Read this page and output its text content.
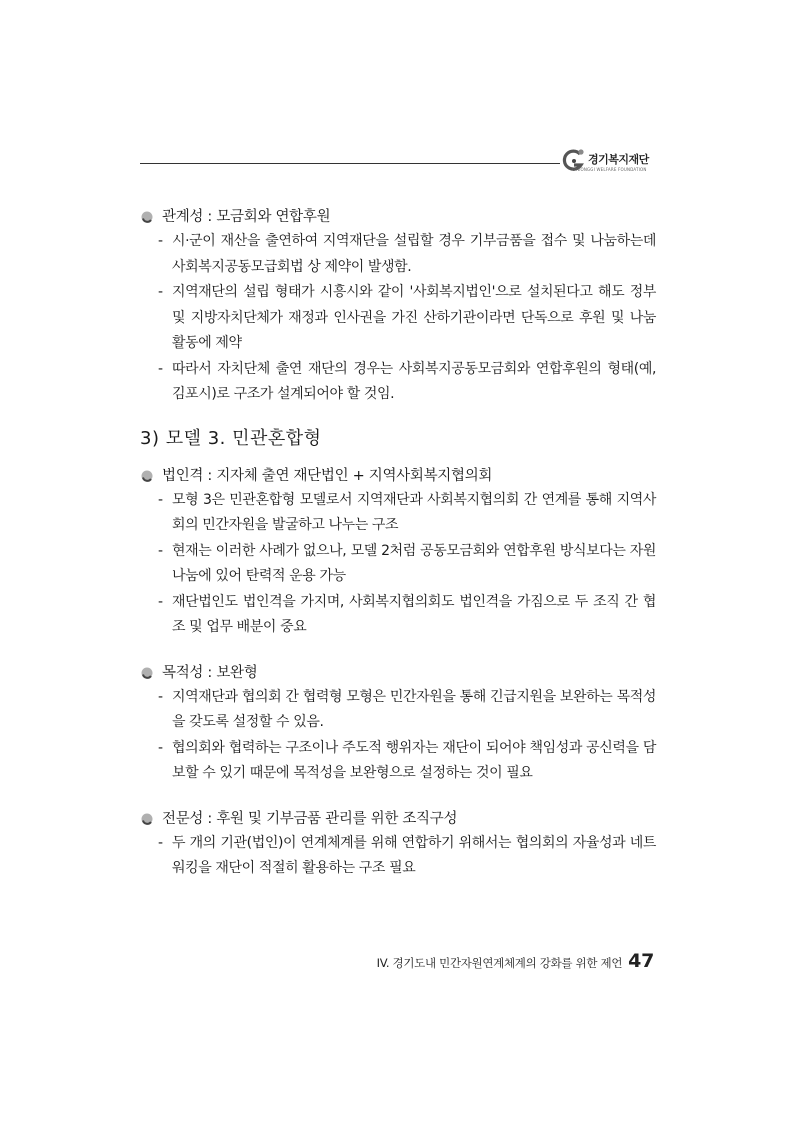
경기복지재단
GYEONGGI WELFARE FOUNDATION
관계성 : 모금회와 연합후원
- 시·군이 재산을 출연하여 지역재단을 설립할 경우 기부금품을 접수 및 나눔하는데 사회복지공동모급회법 상 제약이 발생함.
- 지역재단의 설립 형태가 시흥시와 같이 '사회복지법인'으로 설치된다고 해도 정부 및 지방자치단체가 재정과 인사권을 가진 산하기관이라면 단독으로 후원 및 나눔 활동에 제약
- 따라서 자치단체 출연 재단의 경우는 사회복지공동모금회와 연합후원의 형태(예, 김포시)로 구조가 설계되어야 할 것임.
3) 모델 3. 민관혼합형
법인격 : 지자체 출연 재단법인 + 지역사회복지협의회
- 모형 3은 민관혼합형 모델로서 지역재단과 사회복지협의회 간 연계를 통해 지역사회의 민간자원을 발굴하고 나누는 구조
- 현재는 이러한 사례가 없으나, 모델 2처럼 공동모금회와 연합후원 방식보다는 자원나눔에 있어 탄력적 운용 가능
- 재단법인도 법인격을 가지며, 사회복지협의회도 법인격을 가짐으로 두 조직 간 협조 및 업무 배분이 중요
목적성 : 보완형
- 지역재단과 협의회 간 협력형 모형은 민간자원을 통해 긴급지원을 보완하는 목적성을 갖도록 설정할 수 있음.
- 협의회와 협력하는 구조이나 주도적 행위자는 재단이 되어야 책임성과 공신력을 담보할 수 있기 때문에 목적성을 보완형으로 설정하는 것이 필요
전문성 : 후원 및 기부금품 관리를 위한 조직구성
- 두 개의 기관(법인)이 연계체계를 위해 연합하기 위해서는 협의회의 자율성과 네트워킹을 재단이 적절히 활용하는 구조 필요
IV. 경기도내 민간자원연계체계의 강화를 위한 제언 47
